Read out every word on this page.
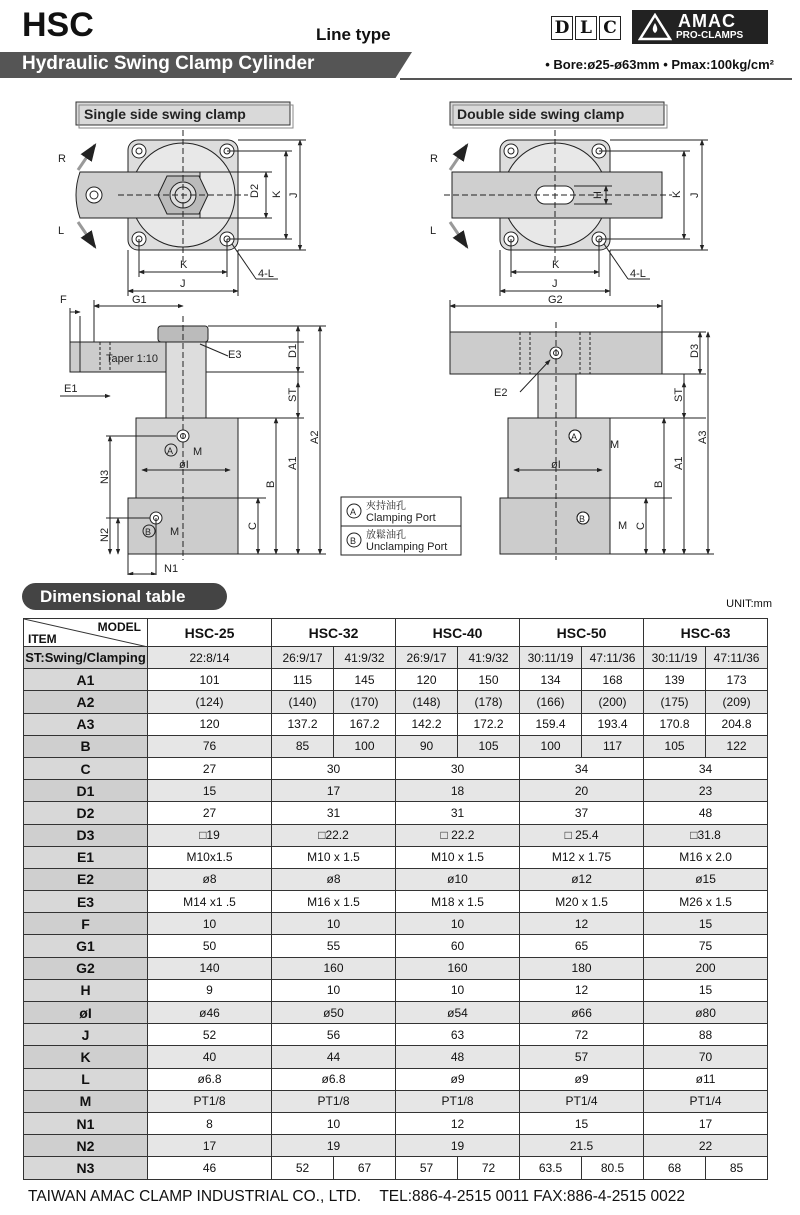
HSC	Line type	D L C	AMAC
PRO-CLAMPS
Hydraulic Swing Clamp Cylinder	• Bore:ø25-ø63mm • Pmax:100kg/cm²
Single side swing clamp	Double side swing clamp
R
L
R
L
D2 K J
K
J
4-L
H	K J
K
J
4-L
F	G1	G2
Taper 1:10
E1
E3
E2
D1
ST
A1
A2
B
C
N3
N2
N1
M
M
A
B
øI
D3
ST
A1
A3
B
C
M
M
A
B
øI
A
B
夾持油孔
Clamping Port
放鬆油孔
Unclamping Port
Dimensional table	UNIT:mm
MODEL
ITEM	HSC-25	HSC-32		HSC-40		HSC-50		HSC-63	
ST:Swing/Clamping	22:8/14	26:9/17	41:9/32	26:9/17	41:9/32	30:11/19	47:11/36	30:11/19	47:11/36
A1	101	115	145	120	150	134	168	139	173
A2	(124)	(140)	(170)	(148)	(178)	(166)	(200)	(175)	(209)
A3	120	137.2	167.2	142.2	172.2	159.4	193.4	170.8	204.8
B	76	85	100	90	105	100	117	105	122
C	27	30		30		34		34	
D1	15	17		18		20		23	
D2	27	31		31		37		48	
D3	□19	□22.2		□ 22.2		□ 25.4		□31.8	
E1	M10x1.5	M10 x 1.5		M10 x 1.5		M12 x 1.75		M16 x 2.0	
E2	ø8	ø8		ø10		ø12		ø15	
E3	M14 x1 .5	M16 x 1.5		M18 x 1.5		M20 x 1.5		M26 x 1.5	
F	10	10		10		12		15	
G1	50	55		60		65		75	
G2	140	160		160		180		200	
H	9	10		10		12		15	
øI	ø46	ø50		ø54		ø66		ø80	
J	52	56		63		72		88	
K	40	44		48		57		70	
L	ø6.8	ø6.8		ø9		ø9		ø11	
M	PT1/8	PT1/8		PT1/8		PT1/4		PT1/4	
N1	8	10		12		15		17	
N2	17	19		19		21.5		22	
N3	46	52	67	57	72	63.5	80.5	68	85
TAIWAN AMAC CLAMP INDUSTRIAL CO., LTD. TEL:886-4-2515 0011 FAX:886-4-2515 0022
